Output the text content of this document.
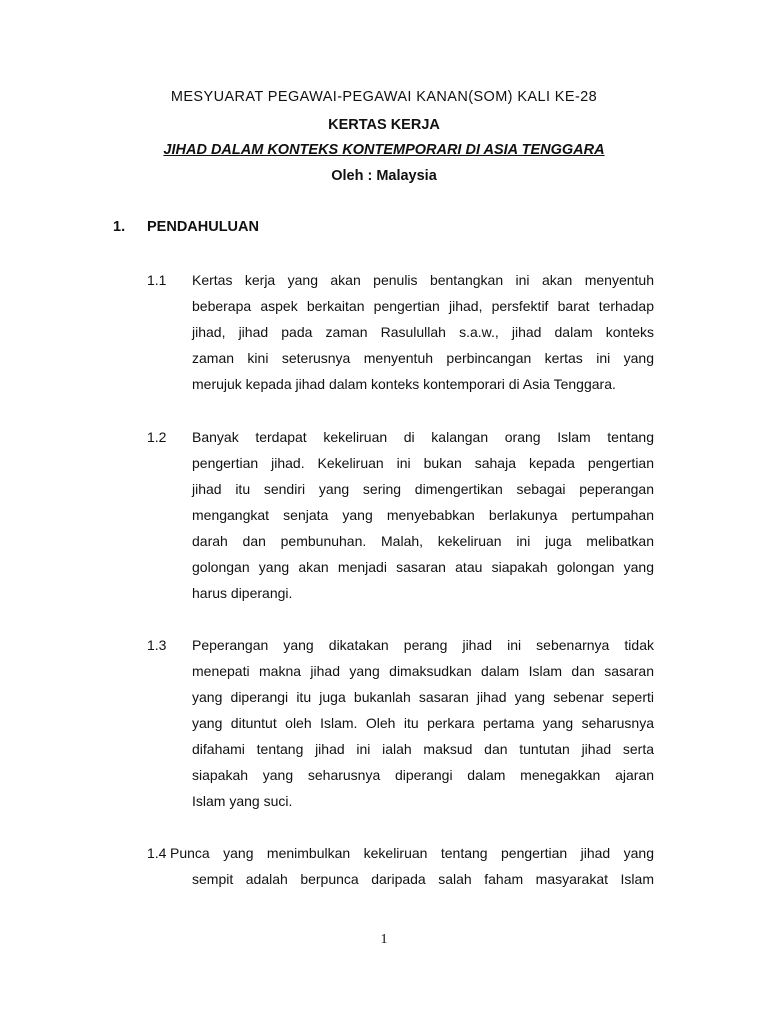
MESYUARAT PEGAWAI-PEGAWAI KANAN(SOM) KALI KE-28
KERTAS KERJA
JIHAD DALAM KONTEKS KONTEMPORARI DI ASIA TENGGARA
Oleh : Malaysia
1. PENDAHULUAN
1.1 Kertas kerja yang akan penulis bentangkan ini akan menyentuh
beberapa aspek berkaitan pengertian jihad, persfektif barat terhadap
jihad, jihad pada zaman Rasulullah s.a.w., jihad dalam konteks
zaman kini seterusnya menyentuh perbincangan kertas ini yang
merujuk kepada jihad dalam konteks kontemporari di Asia Tenggara.
1.2 Banyak terdapat kekeliruan di kalangan orang Islam tentang
pengertian jihad. Kekeliruan ini bukan sahaja kepada pengertian
jihad itu sendiri yang sering dimengertikan sebagai peperangan
mengangkat senjata yang menyebabkan berlakunya pertumpahan
darah dan pembunuhan. Malah, kekeliruan ini juga melibatkan
golongan yang akan menjadi sasaran atau siapakah golongan yang
harus diperangi.
1.3 Peperangan yang dikatakan perang jihad ini sebenarnya tidak
menepati makna jihad yang dimaksudkan dalam Islam dan sasaran
yang diperangi itu juga bukanlah sasaran jihad yang sebenar seperti
yang dituntut oleh Islam. Oleh itu perkara pertama yang seharusnya
difahami tentang jihad ini ialah maksud dan tuntutan jihad serta
siapakah yang seharusnya diperangi dalam menegakkan ajaran
Islam yang suci.
1.4 Punca yang menimbulkan kekeliruan tentang pengertian jihad yang
sempit adalah berpunca daripada salah faham masyarakat Islam
1
